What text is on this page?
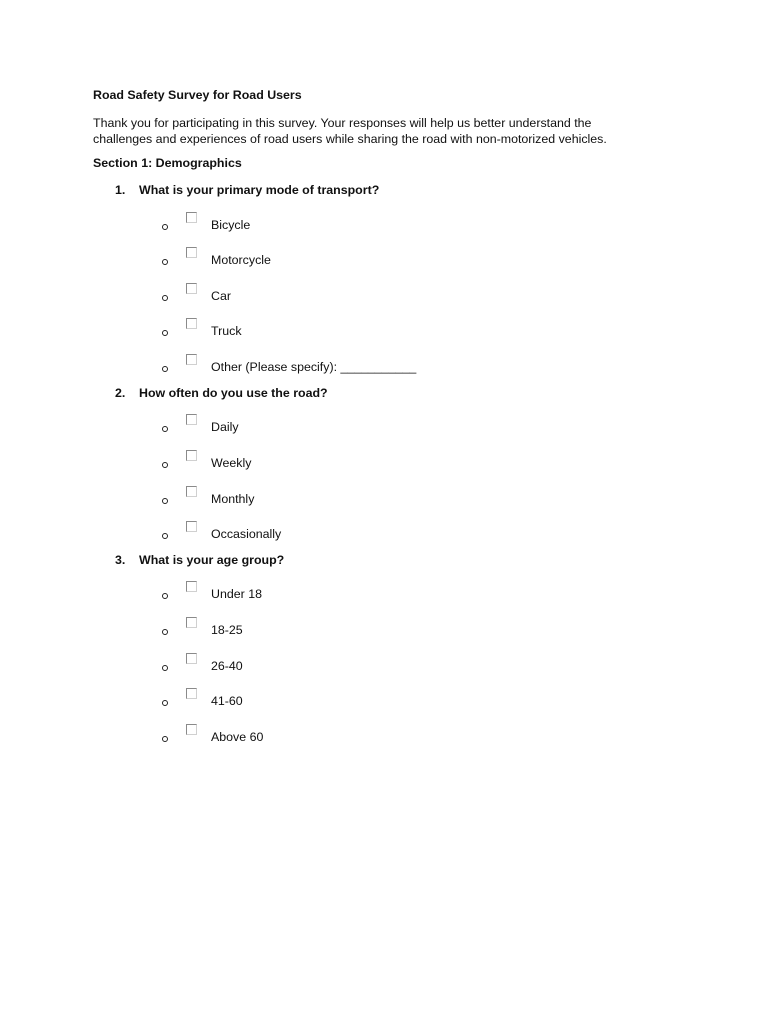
Road Safety Survey for Road Users
Thank you for participating in this survey. Your responses will help us better understand the challenges and experiences of road users while sharing the road with non-motorized vehicles.
Section 1: Demographics
1.	What is your primary mode of transport?
Bicycle
Motorcycle
Car
Truck
Other (Please specify): ___________
2.	How often do you use the road?
Daily
Weekly
Monthly
Occasionally
3.	What is your age group?
Under 18
18-25
26-40
41-60
Above 60
